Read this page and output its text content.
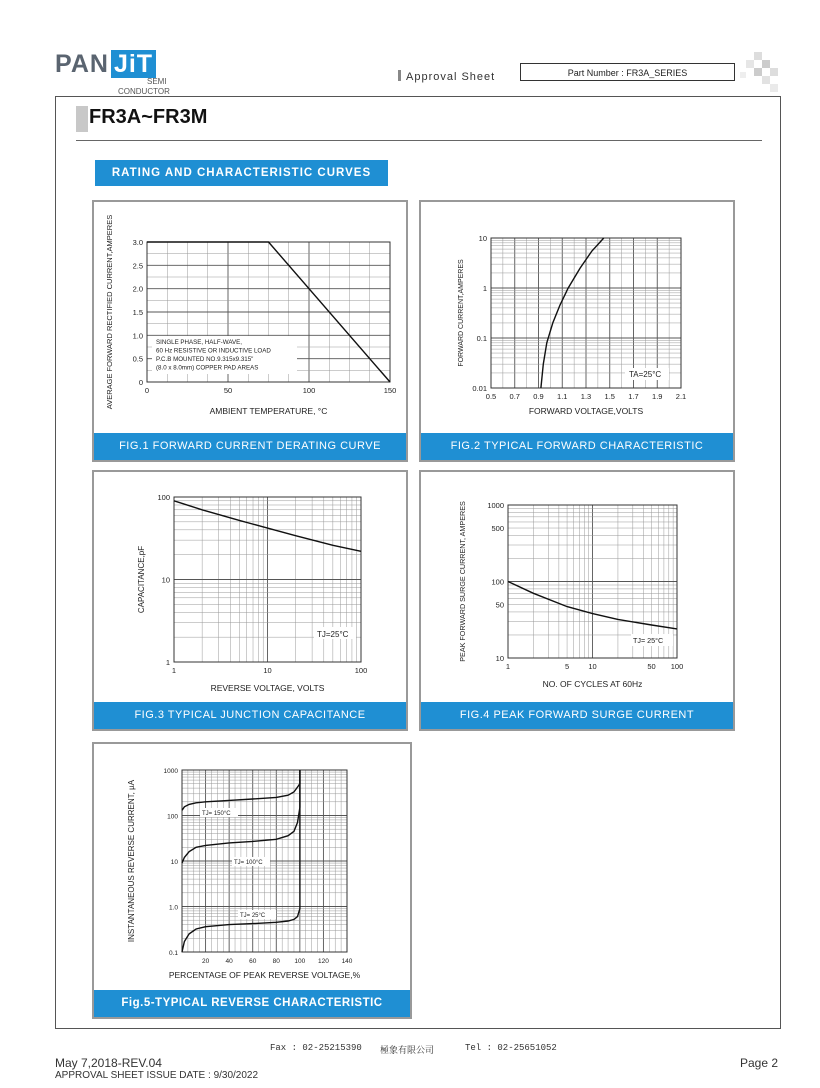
PAN JiT
SEMI
CONDUCTOR
Approval Sheet	Part Number : FR3A_SERIES
FR3A~FR3M
RATING AND CHARACTERISTIC CURVES
0	50	100	150
0
0.5
1.0
1.5
2.0
2.5
3.0
AMBIENT TEMPERATURE, °C
AVERAGE FORWARD RECTIFIED CURRENT,AMPERES	SINGLE PHASE, HALF-WAVE,
60 Hz RESISTIVE OR INDUCTIVE LOAD
P.C.B MOUNTED NO.9.315x9.315"
(8.0 x 8.0mm) COPPER PAD AREAS
FIG.1 FORWARD CURRENT DERATING CURVE
0.5 0.7 0.9 1.1 1.3 1.5 1.7 1.9 2.1
0.01
0.1
1
10
FORWARD VOLTAGE,VOLTS
FORWARD CURRENT,AMPERES
TA=25°C
FIG.2 TYPICAL FORWARD CHARACTERISTIC
1	10	100
1
10
100
REVERSE VOLTAGE, VOLTS
CAPACITANCE,pF
TJ=25°C
FIG.3 TYPICAL JUNCTION CAPACITANCE
1	5	10	50 100
10
50
100
500
1000
NO. OF CYCLES AT 60Hz
PEAK FORWARD SURGE CURRENT, AMPERES	TJ= 25°C
FIG.4 PEAK FORWARD SURGE CURRENT
20	40	60	80 100 120 140
0.1
1.0
10
100
1000
PERCENTAGE OF PEAK REVERSE VOLTAGE,%
INSTANTANEOUS REVERSE CURRENT, µA	TJ= 150°C
TJ= 100°C
TJ= 25°C
Fig.5-TYPICAL REVERSE CHARACTERISTIC
Fax : 02-25215390 極象有限公司	Tel : 02-25651052
May 7,2018-REV.04
APPROVAL SHEET ISSUE DATE : 9/30/2022
Page 2
